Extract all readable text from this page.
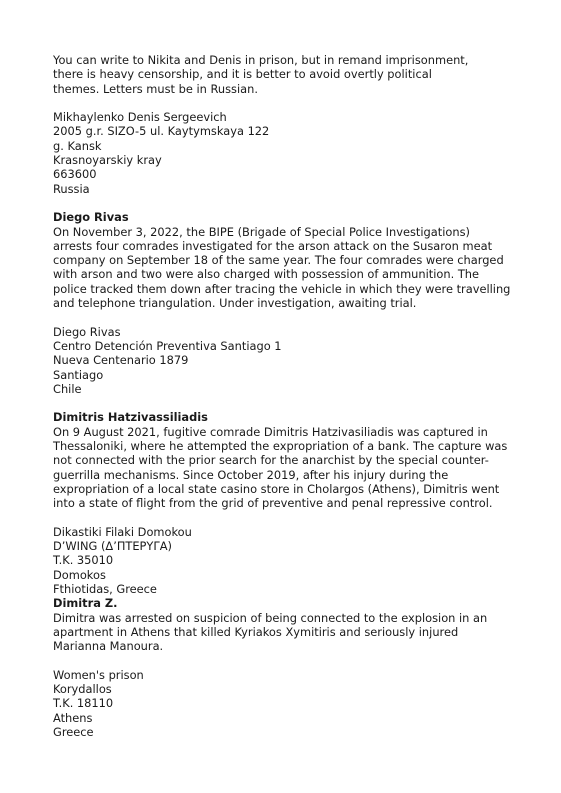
You can write to Nikita and Denis in prison, but in remand imprisonment,
there is heavy censorship, and it is better to avoid overtly political
themes. Letters must be in Russian.
Mikhaylenko Denis Sergeevich
2005 g.r. SIZO-5 ul. Kaytymskaya 122
g. Kansk
Krasnoyarskiy kray
663600
Russia
Diego Rivas
On November 3, 2022, the BIPE (Brigade of Special Police Investigations)
arrests four comrades investigated for the arson attack on the Susaron meat
company on September 18 of the same year. The four comrades were charged
with arson and two were also charged with possession of ammunition. The
police tracked them down after tracing the vehicle in which they were travelling
and telephone triangulation. Under investigation, awaiting trial.
Diego Rivas
Centro Detención Preventiva Santiago 1
Nueva Centenario 1879
Santiago
Chile
Dimitris Hatzivassiliadis
On 9 August 2021, fugitive comrade Dimitris Hatzivasiliadis was captured in
Thessaloniki, where he attempted the expropriation of a bank. The capture was
not connected with the prior search for the anarchist by the special counter-
guerrilla mechanisms. Since October 2019, after his injury during the
expropriation of a local state casino store in Cholargos (Athens), Dimitris went
into a state of flight from the grid of preventive and penal repressive control.
Dikastiki Filaki Domokou
D’WING (Δ’ΠΤΕΡΥΓΑ)
T.K. 35010
Domokos
Fthiotidas, Greece
Dimitra Z.
Dimitra was arrested on suspicion of being connected to the explosion in an
apartment in Athens that killed Kyriakos Xymitiris and seriously injured
Marianna Manoura.
Women's prison
Korydallos
T.K. 18110
Athens
Greece
